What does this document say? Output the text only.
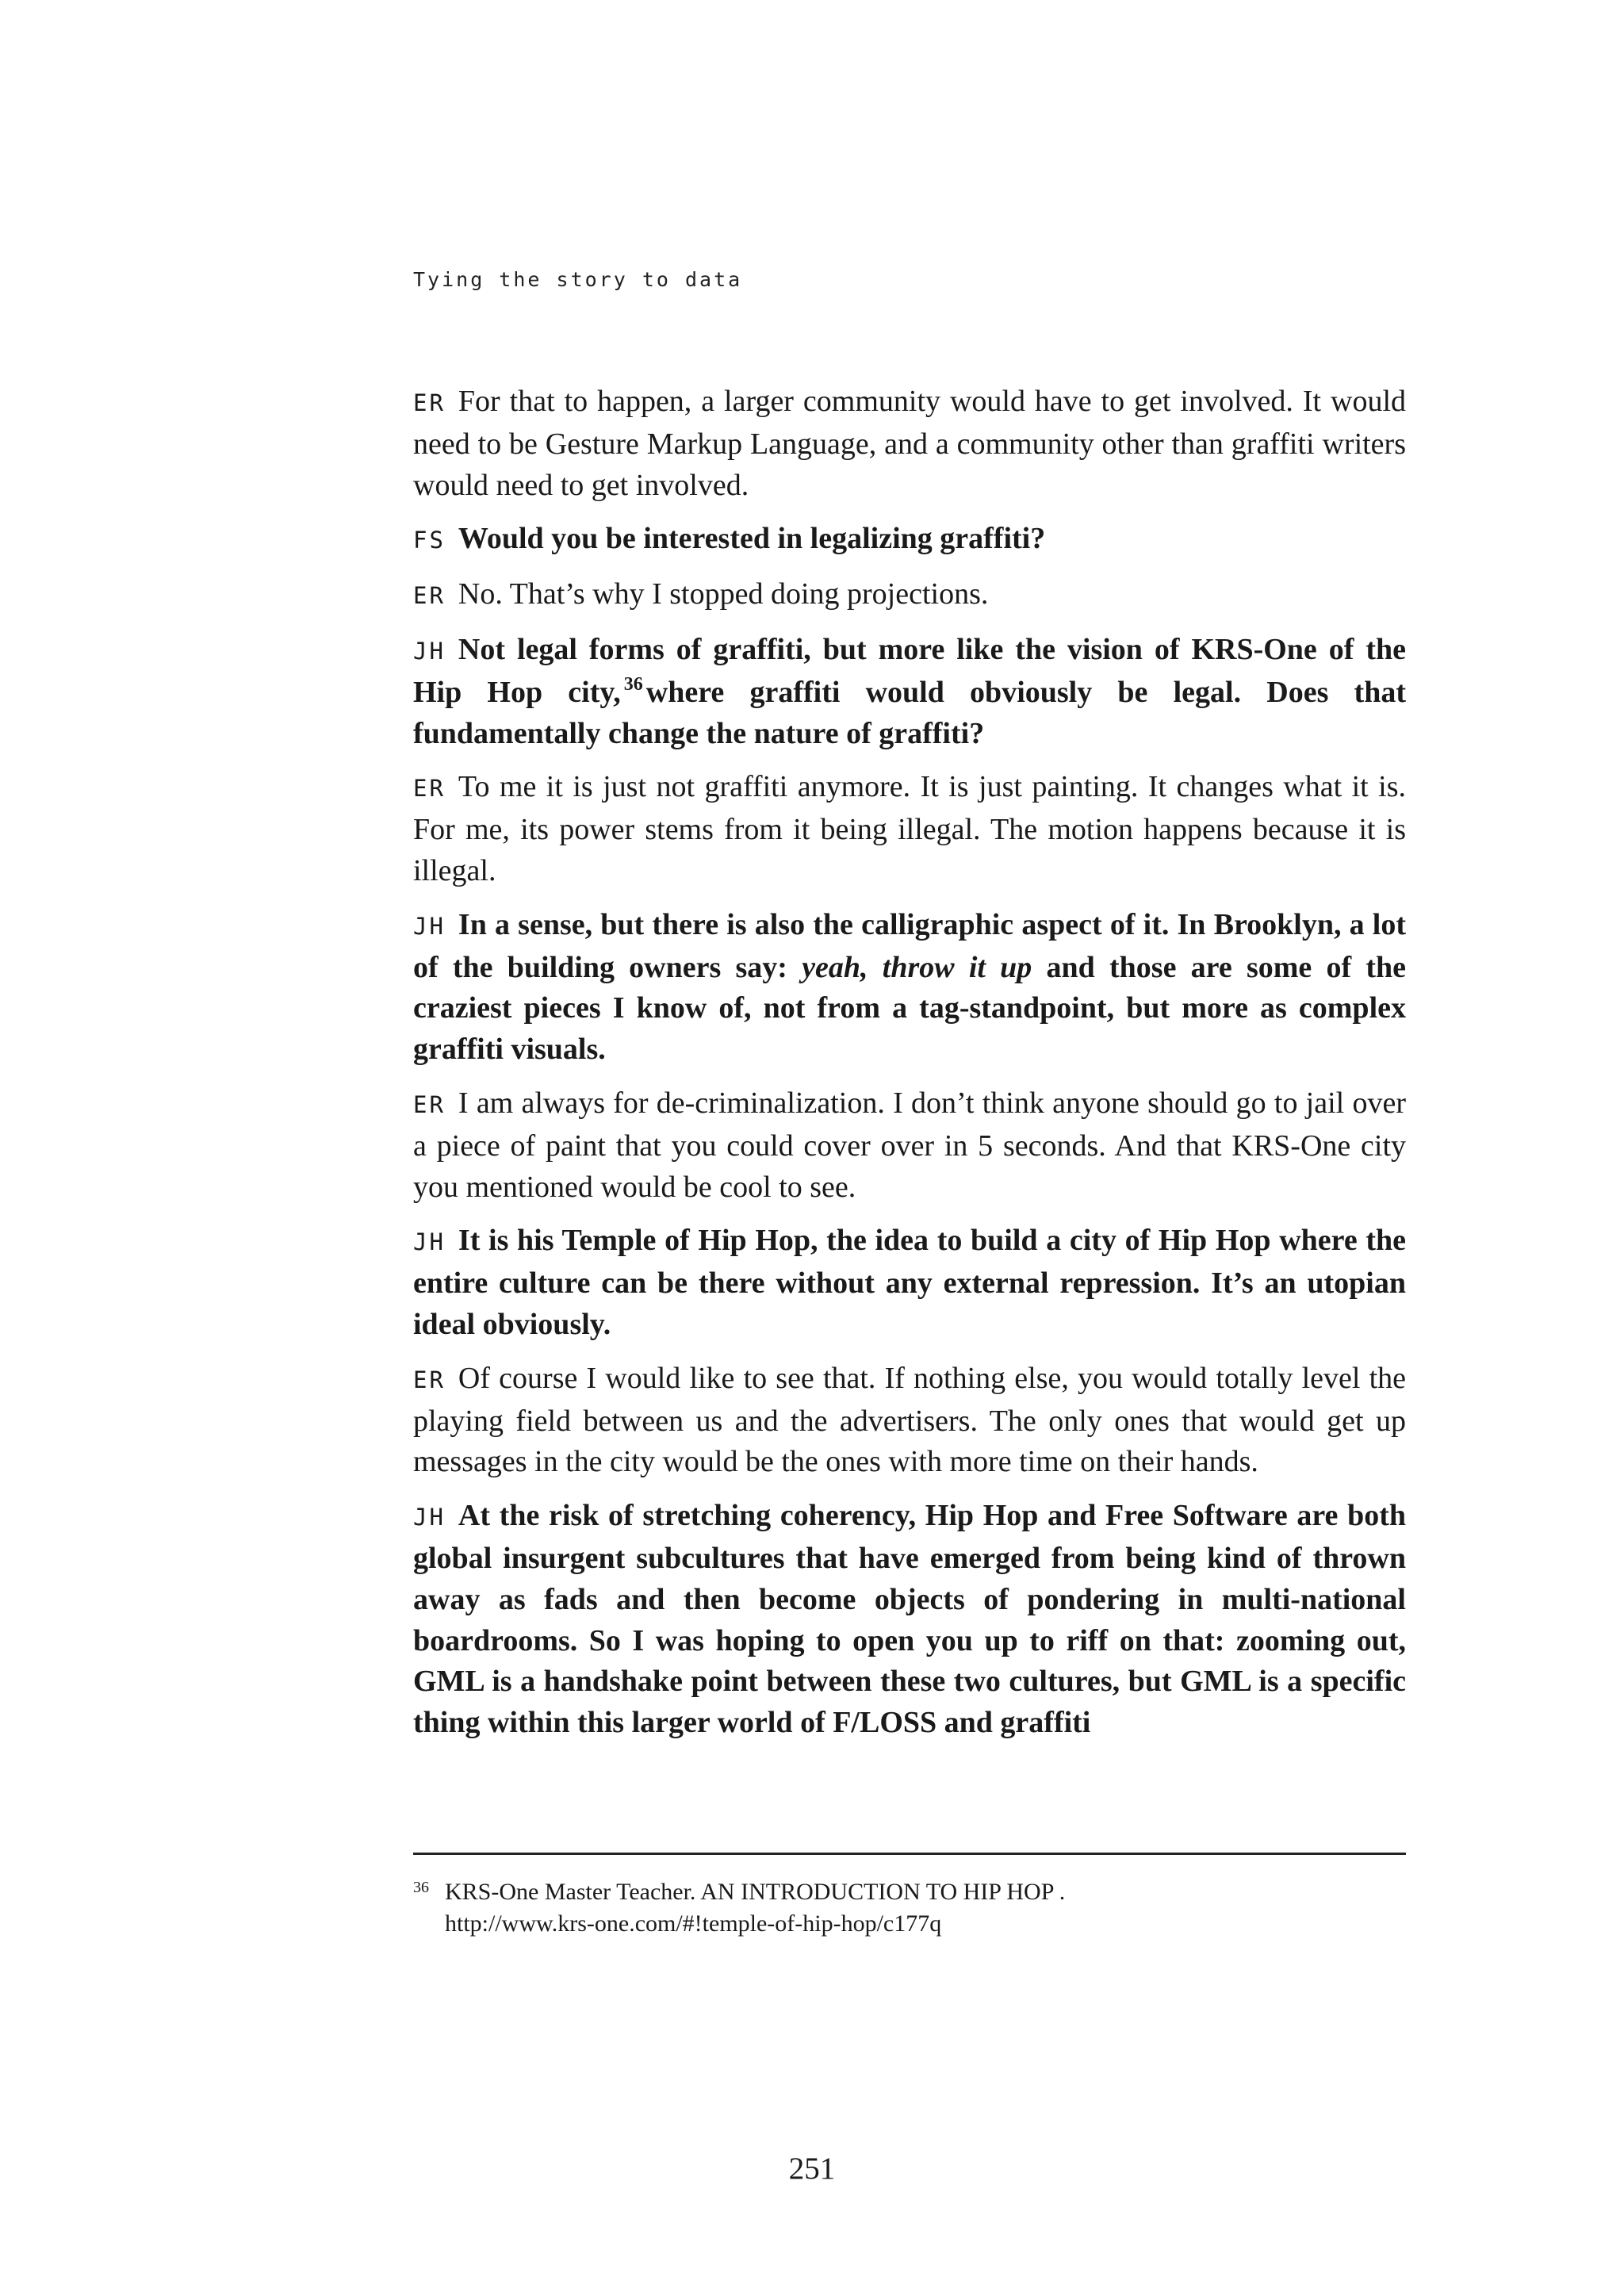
Tying the story to data

ER For that to happen, a larger community would have to get involved. It would need to be Gesture Markup Language, and a community other than graffiti writers would need to get involved.

FS Would you be interested in legalizing graffiti?

ER No. That’s why I stopped doing projections.

JH Not legal forms of graffiti, but more like the vision of KRS-One of the Hip Hop city, $^{36}$ where graffiti would obviously be legal. Does that fundamentally change the nature of graffiti?

ER To me it is just not graffiti anymore. It is just painting. It changes what it is. For me, its power stems from it being illegal. The motion happens because it is illegal.

JH In a sense, but there is also the calligraphic aspect of it. In Brooklyn, a lot of the building owners say: yeah, throw it up and those are some of the craziest pieces I know of, not from a tag-standpoint, but more as complex graffiti visuals.

ER I am always for de-criminalization. I don’t think anyone should go to jail over a piece of paint that you could cover over in 5 seconds. And that KRS-One city you mentioned would be cool to see.

JH It is his Temple of Hip Hop, the idea to build a city of Hip Hop where the entire culture can be there without any external repression. It’s an utopian ideal obviously.

ER Of course I would like to see that. If nothing else, you would totally level the playing field between us and the advertisers. The only ones that would get up messages in the city would be the ones with more time on their hands.

JH At the risk of stretching coherency, Hip Hop and Free Software are both global insurgent subcultures that have emerged from being kind of thrown away as fads and then become objects of pondering in multi-national boardrooms. So I was hoping to open you up to riff on that: zooming out, GML is a handshake point between these two cultures, but GML is a specific thing within this larger world of F/LOSS and graffiti

36 KRS-One Master Teacher. AN INTRODUCTION TO HIP HOP .
http://www.krs-one.com/#!temple-of-hip-hop/c177q
251
